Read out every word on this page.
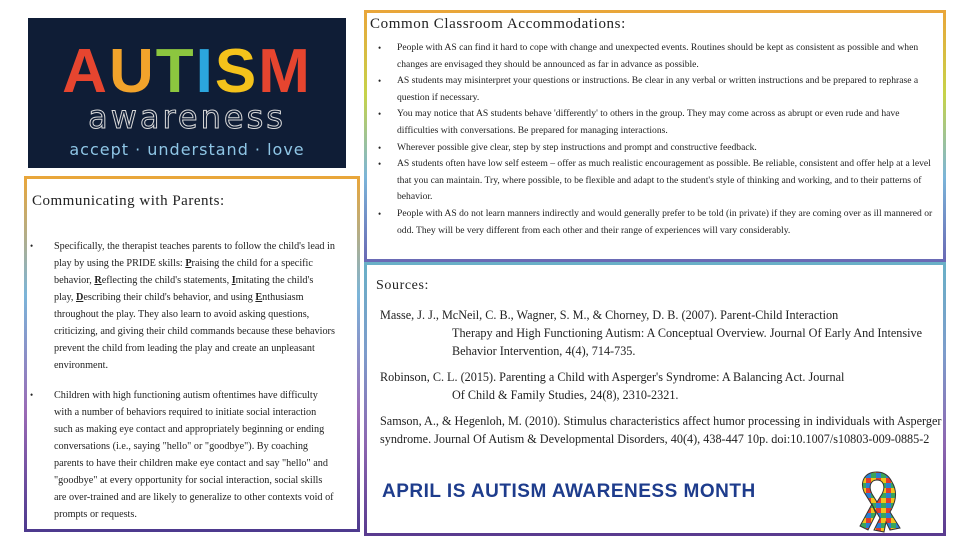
AUTISM
awareness
accept · understand · love
Communicating with Parents:
• Specifically, the therapist teaches parents to follow the child's lead in play by using the PRIDE skills: Praising the child for a specific behavior, Reflecting the child's statements, Imitating the child's play, Describing their child's behavior, and using Enthusiasm throughout the play. They also learn to avoid asking questions, criticizing, and giving their child commands because these behaviors prevent the child from leading the play and create an unpleasant environment.
• Children with high functioning autism oftentimes have difficulty with a number of behaviors required to initiate social interaction such as making eye contact and appropriately beginning or ending conversations (i.e., saying "hello" or "goodbye"). By coaching parents to have their children make eye contact and say "hello" and "goodbye" at every opportunity for social interaction, social skills are over-trained and are likely to generalize to other contexts void of prompts or requests.
Common Classroom Accommodations:
• People with AS can find it hard to cope with change and unexpected events. Routines should be kept as consistent as possible and when changes are envisaged they should be announced as far in advance as possible.
• AS students may misinterpret your questions or instructions. Be clear in any verbal or written instructions and be prepared to rephrase a question if necessary.
• You may notice that AS students behave 'differently' to others in the group. They may come across as abrupt or even rude and have difficulties with conversations. Be prepared for managing interactions.
• Wherever possible give clear, step by step instructions and prompt and constructive feedback.
• AS students often have low self esteem – offer as much realistic encouragement as possible. Be reliable, consistent and offer help at a level that you can maintain. Try, where possible, to be flexible and adapt to the student's style of thinking and working, and to their patterns of behavior.
• People with AS do not learn manners indirectly and would generally prefer to be told (in private) if they are coming over as ill mannered or odd. They will be very different from each other and their range of experiences will vary considerably.
Sources:
Masse, J. J., McNeil, C. B., Wagner, S. M., & Chorney, D. B. (2007). Parent-Child Interaction
Therapy and High Functioning Autism: A Conceptual Overview. Journal Of Early And Intensive Behavior Intervention, 4(4), 714-735.
Robinson, C. L. (2015). Parenting a Child with Asperger's Syndrome: A Balancing Act. Journal
Of Child & Family Studies, 24(8), 2310-2321.
Samson, A., & Hegenloh, M. (2010). Stimulus characteristics affect humor processing in individuals with Asperger syndrome. Journal Of Autism & Developmental Disorders, 40(4), 438-447 10p. doi:10.1007/s10803-009-0885-2
APRIL IS AUTISM AWARENESS MONTH
